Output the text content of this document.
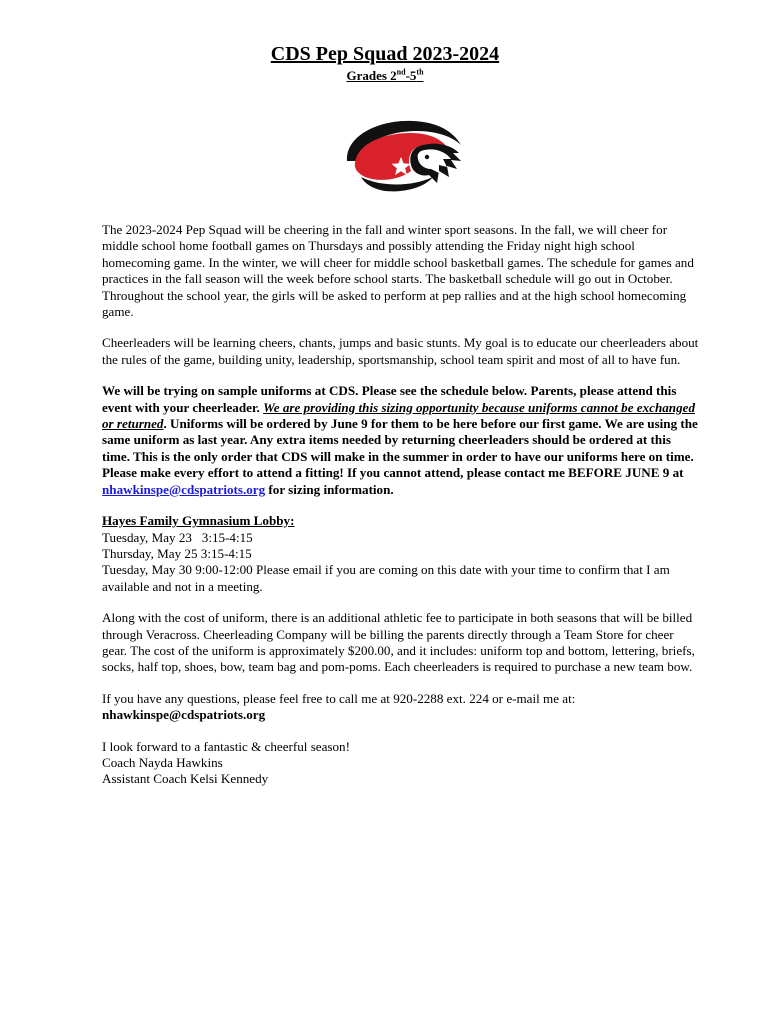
CDS Pep Squad 2023-2024
Grades 2nd-5th

The 2023-2024 Pep Squad will be cheering in the fall and winter sport seasons. In the fall, we will cheer for middle school home football games on Thursdays and possibly attending the Friday night high school homecoming game. In the winter, we will cheer for middle school basketball games. The schedule for games and practices in the fall season will the week before school starts. The basketball schedule will go out in October. Throughout the school year, the girls will be asked to perform at pep rallies and at the high school homecoming game.

Cheerleaders will be learning cheers, chants, jumps and basic stunts. My goal is to educate our cheerleaders about the rules of the game, building unity, leadership, sportsmanship, school team spirit and most of all to have fun.

We will be trying on sample uniforms at CDS. Please see the schedule below. Parents, please attend this event with your cheerleader. We are providing this sizing opportunity because uniforms cannot be exchanged or returned. Uniforms will be ordered by June 9 for them to be here before our first game. We are using the same uniform as last year. Any extra items needed by returning cheerleaders should be ordered at this time. This is the only order that CDS will make in the summer in order to have our uniforms here on time. Please make every effort to attend a fitting! If you cannot attend, please contact me BEFORE JUNE 9 at nhawkinspe@cdspatriots.org for sizing information.

Hayes Family Gymnasium Lobby:
Tuesday, May 23   3:15-4:15
Thursday, May 25 3:15-4:15
Tuesday, May 30 9:00-12:00 Please email if you are coming on this date with your time to confirm that I am available and not in a meeting.

Along with the cost of uniform, there is an additional athletic fee to participate in both seasons that will be billed through Veracross. Cheerleading Company will be billing the parents directly through a Team Store for cheer gear. The cost of the uniform is approximately $200.00, and it includes: uniform top and bottom, lettering, briefs, socks, half top, shoes, bow, team bag and pom-poms. Each cheerleaders is required to purchase a new team bow.

If you have any questions, please feel free to call me at 920-2288 ext. 224 or e-mail me at:
nhawkinspe@cdspatriots.org

I look forward to a fantastic & cheerful season!
Coach Nayda Hawkins
Assistant Coach Kelsi Kennedy
